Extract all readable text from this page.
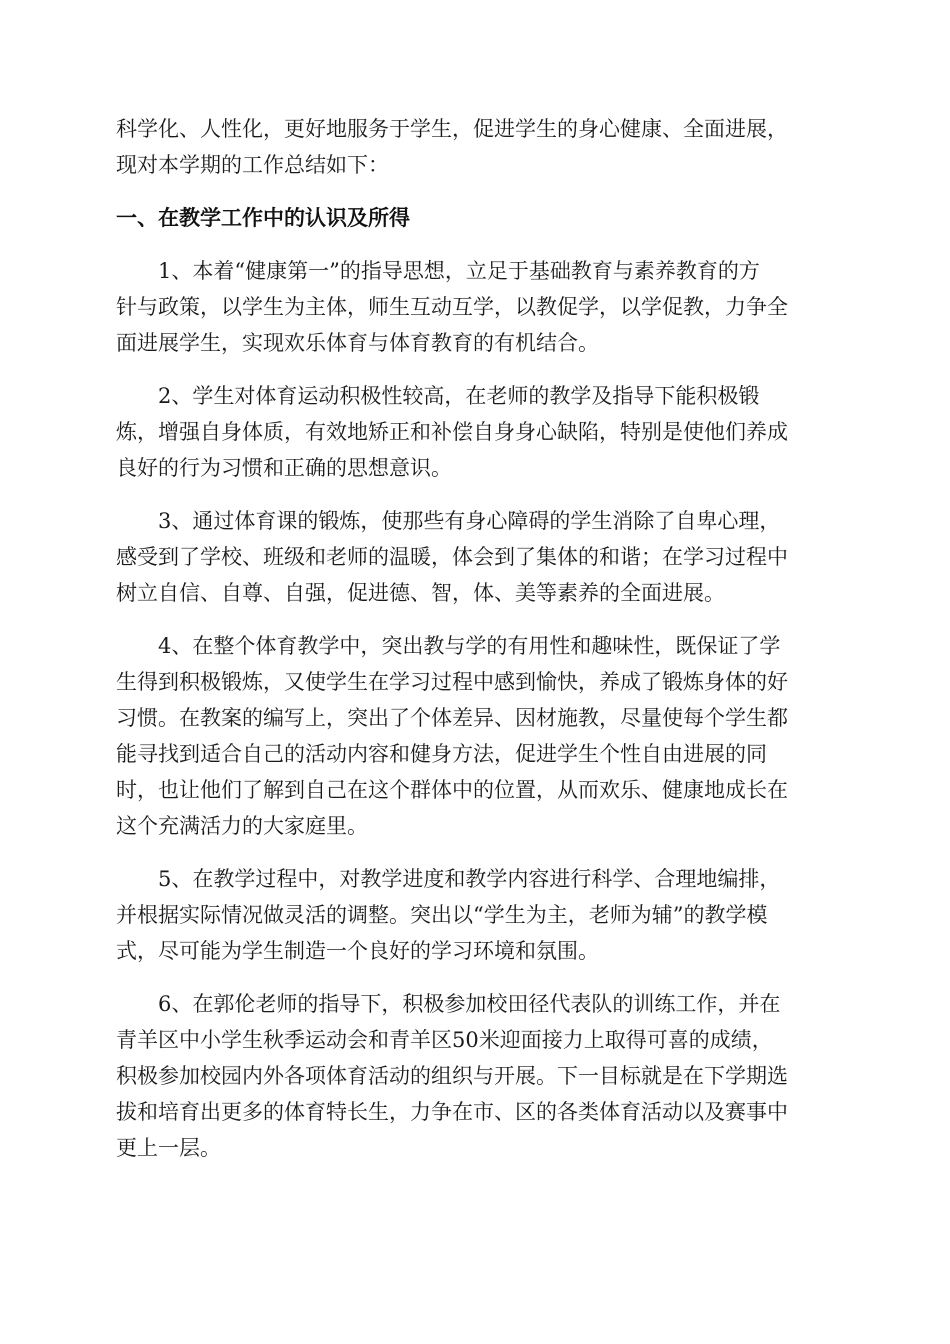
科学化、人性化，更好地服务于学生，促进学生的身心健康、全面进展，
现对本学期的工作总结如下：

一、在教学工作中的认识及所得

1、本着“健康第一”的指导思想，立足于基础教育与素养教育的方
针与政策，以学生为主体，师生互动互学，以教促学，以学促教，力争全
面进展学生，实现欢乐体育与体育教育的有机结合。

2、学生对体育运动积极性较高，在老师的教学及指导下能积极锻
炼，增强自身体质，有效地矫正和补偿自身身心缺陷，特别是使他们养成
良好的行为习惯和正确的思想意识。

3、通过体育课的锻炼，使那些有身心障碍的学生消除了自卑心理，
感受到了学校、班级和老师的温暖，体会到了集体的和谐；在学习过程中
树立自信、自尊、自强，促进德、智，体、美等素养的全面进展。

4、在整个体育教学中，突出教与学的有用性和趣味性，既保证了学
生得到积极锻炼，又使学生在学习过程中感到愉快，养成了锻炼身体的好
习惯。在教案的编写上，突出了个体差异、因材施教，尽量使每个学生都
能寻找到适合自己的活动内容和健身方法，促进学生个性自由进展的同
时，也让他们了解到自己在这个群体中的位置，从而欢乐、健康地成长在
这个充满活力的大家庭里。

5、在教学过程中，对教学进度和教学内容进行科学、合理地编排，
并根据实际情况做灵活的调整。突出以“学生为主，老师为辅”的教学模
式，尽可能为学生制造一个良好的学习环境和氛围。

6、在郭伦老师的指导下，积极参加校田径代表队的训练工作，并在
青羊区中小学生秋季运动会和青羊区50米迎面接力上取得可喜的成绩，
积极参加校园内外各项体育活动的组织与开展。下一目标就是在下学期选
拔和培育出更多的体育特长生，力争在市、区的各类体育活动以及赛事中
更上一层。
